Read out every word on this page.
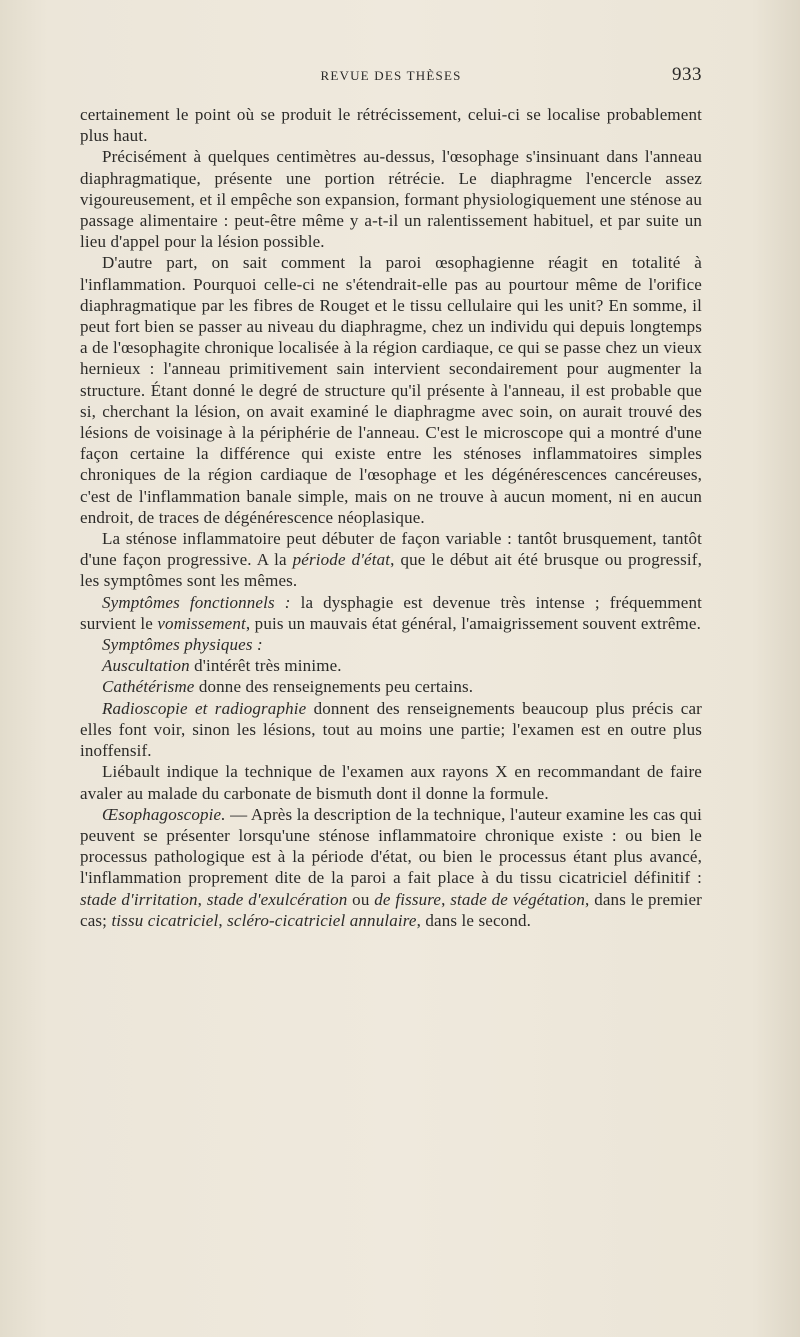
REVUE DES THÈSES	933

certainement le point où se produit le rétrécissement, celui-ci se localise probablement plus haut.

Précisément à quelques centimètres au-dessus, l'œsophage s'insinuant dans l'anneau diaphragmatique, présente une portion rétrécie. Le diaphragme l'encercle assez vigoureusement, et il empêche son expansion, formant physiologiquement une sténose au passage alimentaire : peut-être même y a-t-il un ralentissement habituel, et par suite un lieu d'appel pour la lésion possible.

D'autre part, on sait comment la paroi œsophagienne réagit en totalité à l'inflammation. Pourquoi celle-ci ne s'étendrait-elle pas au pourtour même de l'orifice diaphragmatique par les fibres de Rouget et le tissu cellulaire qui les unit? En somme, il peut fort bien se passer au niveau du diaphragme, chez un individu qui depuis longtemps a de l'œsophagite chronique localisée à la région cardiaque, ce qui se passe chez un vieux hernieux : l'anneau primitivement sain intervient secondairement pour augmenter la structure. Étant donné le degré de structure qu'il présente à l'anneau, il est probable que si, cherchant la lésion, on avait examiné le diaphragme avec soin, on aurait trouvé des lésions de voisinage à la périphérie de l'anneau. C'est le microscope qui a montré d'une façon certaine la différence qui existe entre les sténoses inflammatoires simples chroniques de la région cardiaque de l'œsophage et les dégénérescences cancéreuses, c'est de l'inflammation banale simple, mais on ne trouve à aucun moment, ni en aucun endroit, de traces de dégénérescence néoplasique.

La sténose inflammatoire peut débuter de façon variable : tantôt brusquement, tantôt d'une façon progressive. A la période d'état, que le début ait été brusque ou progressif, les symptômes sont les mêmes.

Symptômes fonctionnels : la dysphagie est devenue très intense ; fréquemment survient le vomissement, puis un mauvais état général, l'amaigrissement souvent extrême.

Symptômes physiques :

Auscultation d'intérêt très minime.

Cathétérisme donne des renseignements peu certains.

Radioscopie et radiographie donnent des renseignements beaucoup plus précis car elles font voir, sinon les lésions, tout au moins une partie; l'examen est en outre plus inoffensif.

Liébault indique la technique de l'examen aux rayons X en recommandant de faire avaler au malade du carbonate de bismuth dont il donne la formule.

Œsophagoscopie. — Après la description de la technique, l'auteur examine les cas qui peuvent se présenter lorsqu'une sténose inflammatoire chronique existe : ou bien le processus pathologique est à la période d'état, ou bien le processus étant plus avancé, l'inflammation proprement dite de la paroi a fait place à du tissu cicatriciel définitif : stade d'irritation, stade d'exulcération ou de fissure, stade de végétation, dans le premier cas; tissu cicatriciel, scléro-cicatriciel annulaire, dans le second.
